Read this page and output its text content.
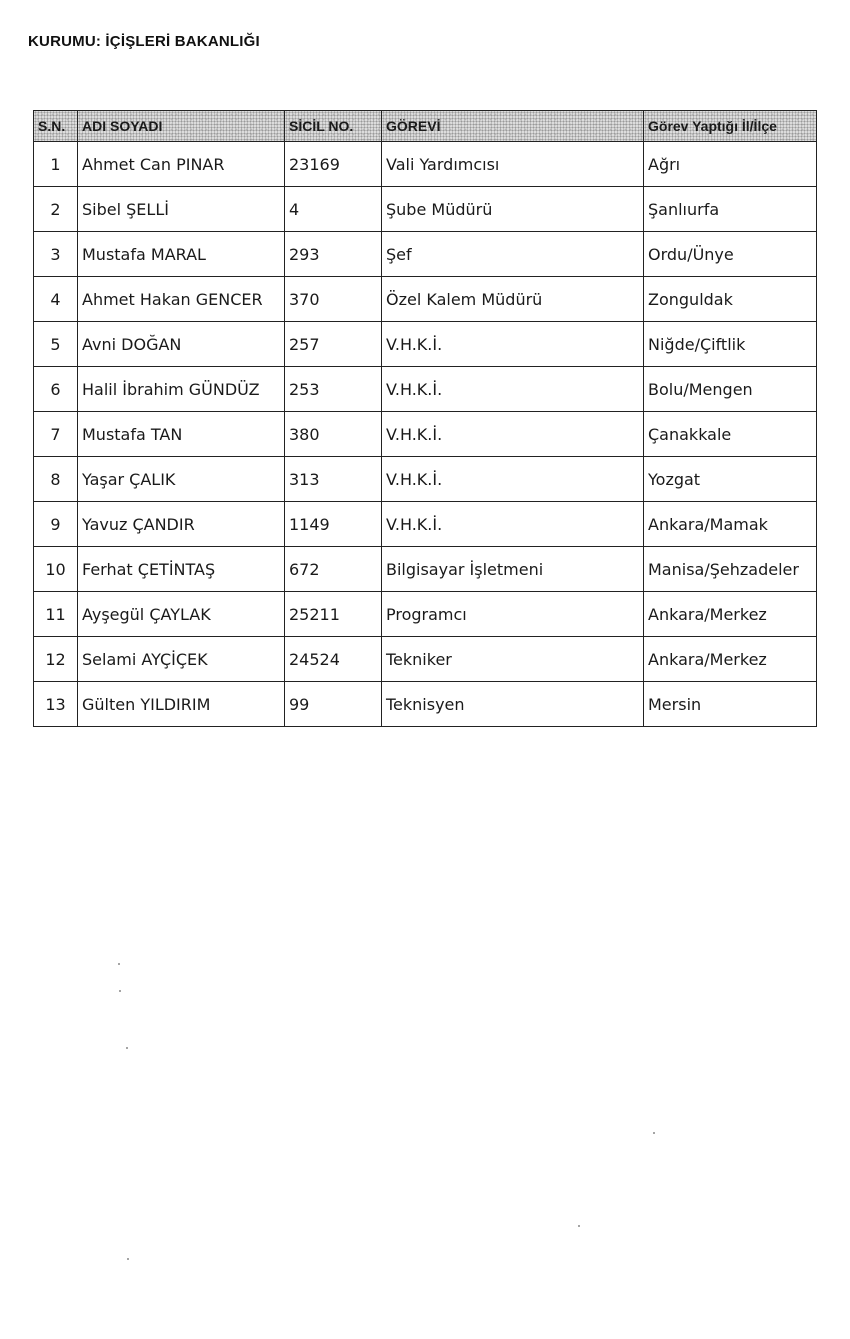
KURUMU: İÇİŞLERİ BAKANLIĞI
S.N.	ADI SOYADI	SİCİL NO.	GÖREVİ	Görev Yaptığı İl/İlçe
1	Ahmet Can PINAR	23169	Vali Yardımcısı	Ağrı
2	Sibel ŞELLİ	4	Şube Müdürü	Şanlıurfa
3	Mustafa MARAL	293	Şef	Ordu/Ünye
4	Ahmet Hakan GENCER	370	Özel Kalem Müdürü	Zonguldak
5	Avni DOĞAN	257	V.H.K.İ.	Niğde/Çiftlik
6	Halil İbrahim GÜNDÜZ	253	V.H.K.İ.	Bolu/Mengen
7	Mustafa TAN	380	V.H.K.İ.	Çanakkale
8	Yaşar ÇALIK	313	V.H.K.İ.	Yozgat
9	Yavuz ÇANDIR	1149	V.H.K.İ.	Ankara/Mamak
10	Ferhat ÇETİNTAŞ	672	Bilgisayar İşletmeni	Manisa/Şehzadeler
11	Ayşegül ÇAYLAK	25211	Programcı	Ankara/Merkez
12	Selami AYÇİÇEK	24524	Tekniker	Ankara/Merkez
13	Gülten YILDIRIM	99	Teknisyen	Mersin
